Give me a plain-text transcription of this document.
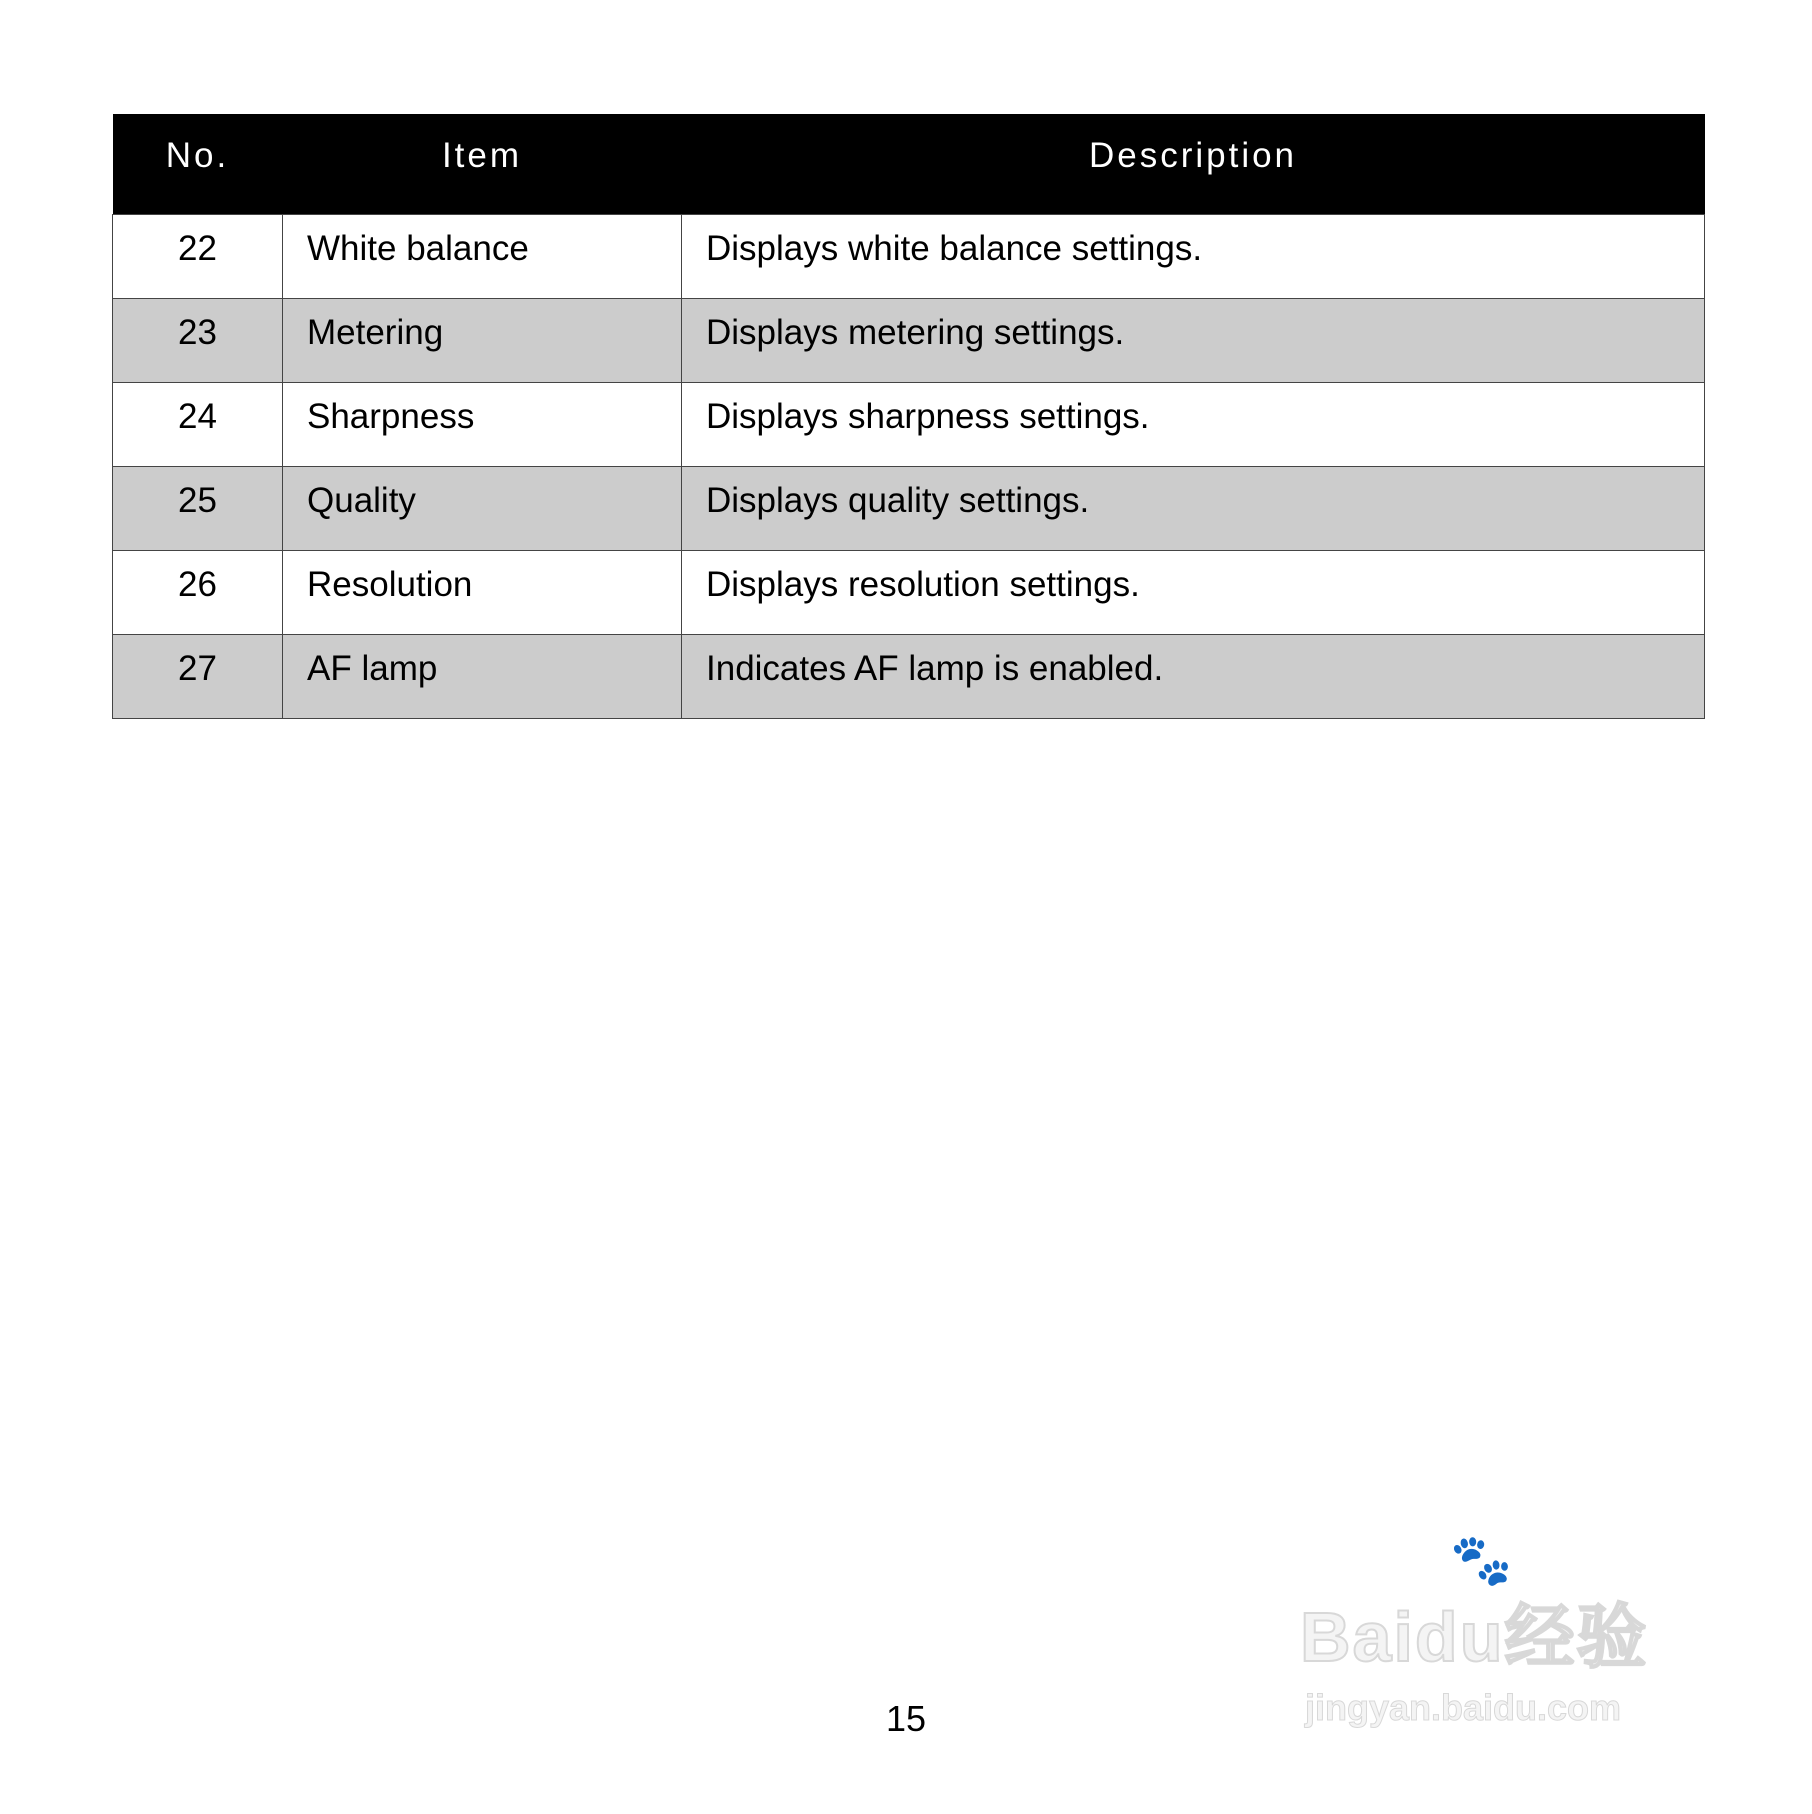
No.	Item	Description
22	White balance	Displays white balance settings.
23	Metering	Displays metering settings.
24	Sharpness	Displays sharpness settings.
25	Quality	Displays quality settings.
26	Resolution	Displays resolution settings.
27	AF lamp	Indicates AF lamp is enabled.
15
🐾
Baidu经验
jingyan.baidu.com
